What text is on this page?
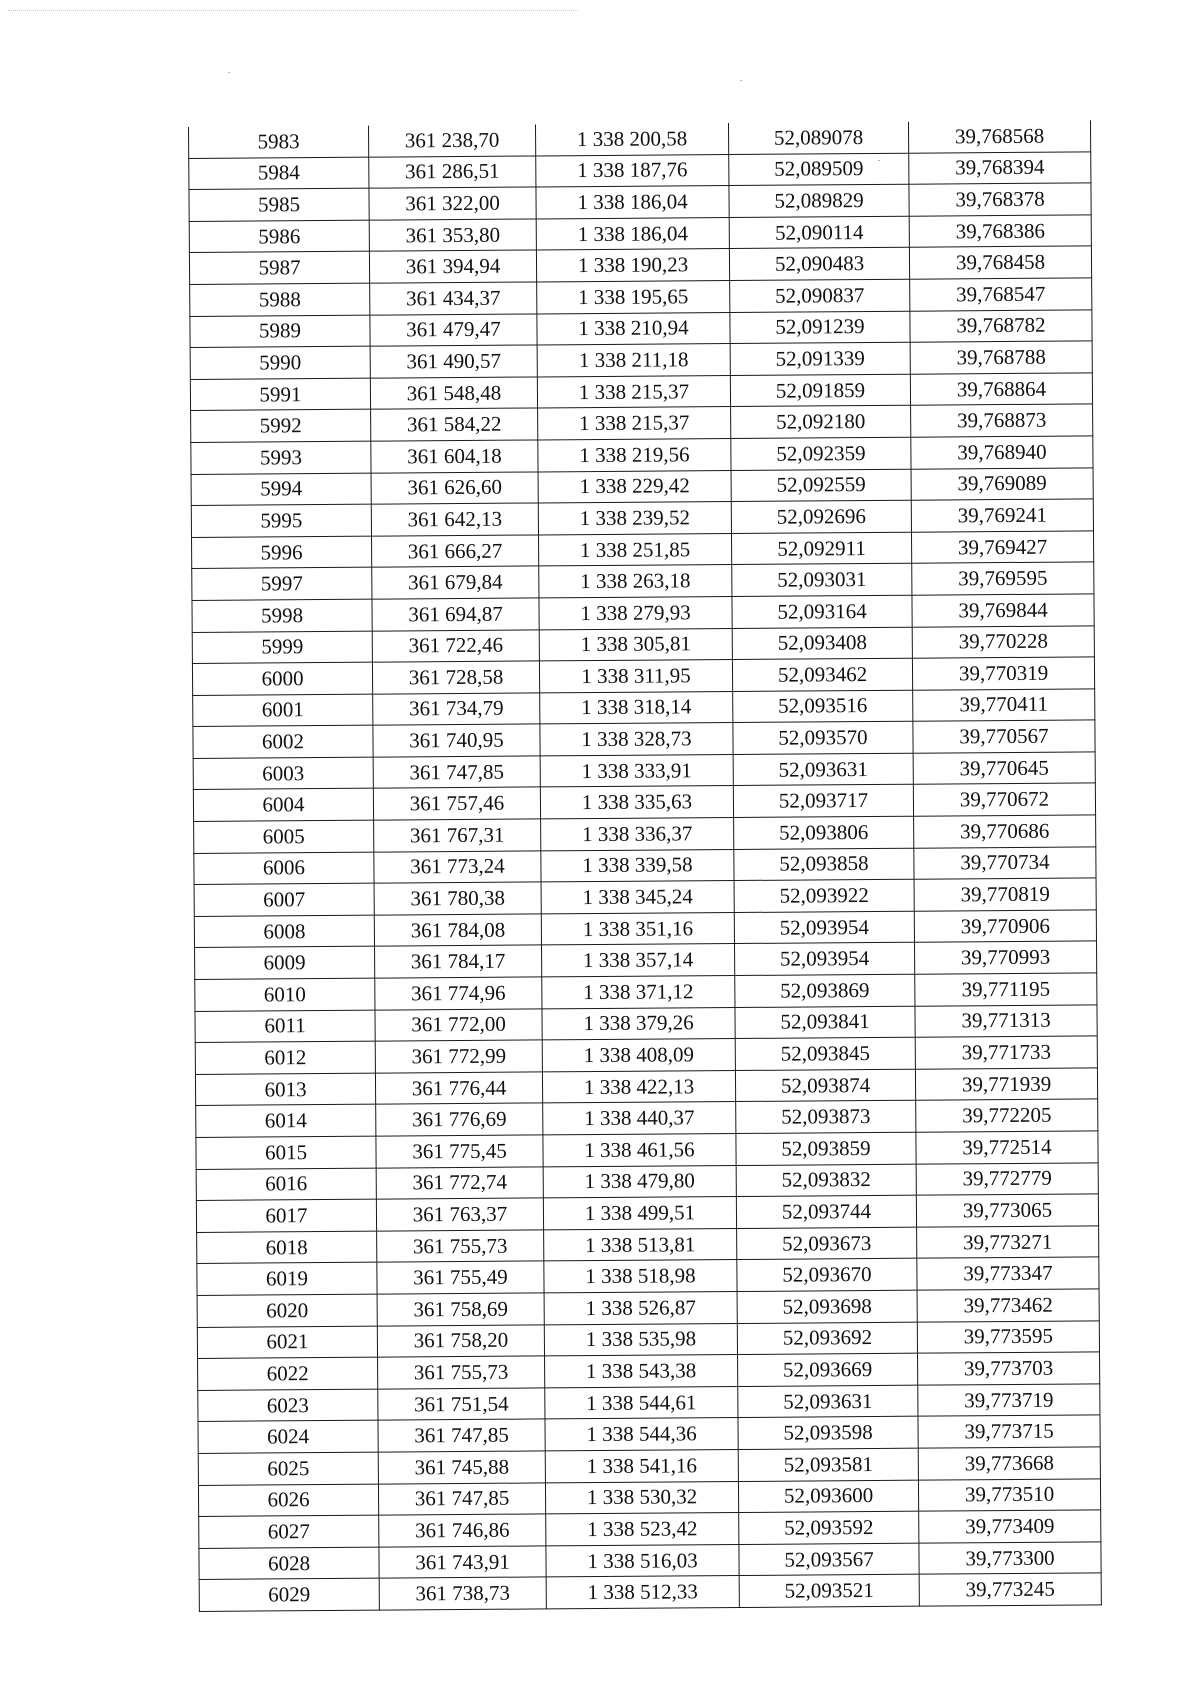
5983	361 238,70	1 338 200,58	52,089078	39,768568
5984	361 286,51	1 338 187,76	52,089509	39,768394
5985	361 322,00	1 338 186,04	52,089829	39,768378
5986	361 353,80	1 338 186,04	52,090114	39,768386
5987	361 394,94	1 338 190,23	52,090483	39,768458
5988	361 434,37	1 338 195,65	52,090837	39,768547
5989	361 479,47	1 338 210,94	52,091239	39,768782
5990	361 490,57	1 338 211,18	52,091339	39,768788
5991	361 548,48	1 338 215,37	52,091859	39,768864
5992	361 584,22	1 338 215,37	52,092180	39,768873
5993	361 604,18	1 338 219,56	52,092359	39,768940
5994	361 626,60	1 338 229,42	52,092559	39,769089
5995	361 642,13	1 338 239,52	52,092696	39,769241
5996	361 666,27	1 338 251,85	52,092911	39,769427
5997	361 679,84	1 338 263,18	52,093031	39,769595
5998	361 694,87	1 338 279,93	52,093164	39,769844
5999	361 722,46	1 338 305,81	52,093408	39,770228
6000	361 728,58	1 338 311,95	52,093462	39,770319
6001	361 734,79	1 338 318,14	52,093516	39,770411
6002	361 740,95	1 338 328,73	52,093570	39,770567
6003	361 747,85	1 338 333,91	52,093631	39,770645
6004	361 757,46	1 338 335,63	52,093717	39,770672
6005	361 767,31	1 338 336,37	52,093806	39,770686
6006	361 773,24	1 338 339,58	52,093858	39,770734
6007	361 780,38	1 338 345,24	52,093922	39,770819
6008	361 784,08	1 338 351,16	52,093954	39,770906
6009	361 784,17	1 338 357,14	52,093954	39,770993
6010	361 774,96	1 338 371,12	52,093869	39,771195
6011	361 772,00	1 338 379,26	52,093841	39,771313
6012	361 772,99	1 338 408,09	52,093845	39,771733
6013	361 776,44	1 338 422,13	52,093874	39,771939
6014	361 776,69	1 338 440,37	52,093873	39,772205
6015	361 775,45	1 338 461,56	52,093859	39,772514
6016	361 772,74	1 338 479,80	52,093832	39,772779
6017	361 763,37	1 338 499,51	52,093744	39,773065
6018	361 755,73	1 338 513,81	52,093673	39,773271
6019	361 755,49	1 338 518,98	52,093670	39,773347
6020	361 758,69	1 338 526,87	52,093698	39,773462
6021	361 758,20	1 338 535,98	52,093692	39,773595
6022	361 755,73	1 338 543,38	52,093669	39,773703
6023	361 751,54	1 338 544,61	52,093631	39,773719
6024	361 747,85	1 338 544,36	52,093598	39,773715
6025	361 745,88	1 338 541,16	52,093581	39,773668
6026	361 747,85	1 338 530,32	52,093600	39,773510
6027	361 746,86	1 338 523,42	52,093592	39,773409
6028	361 743,91	1 338 516,03	52,093567	39,773300
6029	361 738,73	1 338 512,33	52,093521	39,773245
